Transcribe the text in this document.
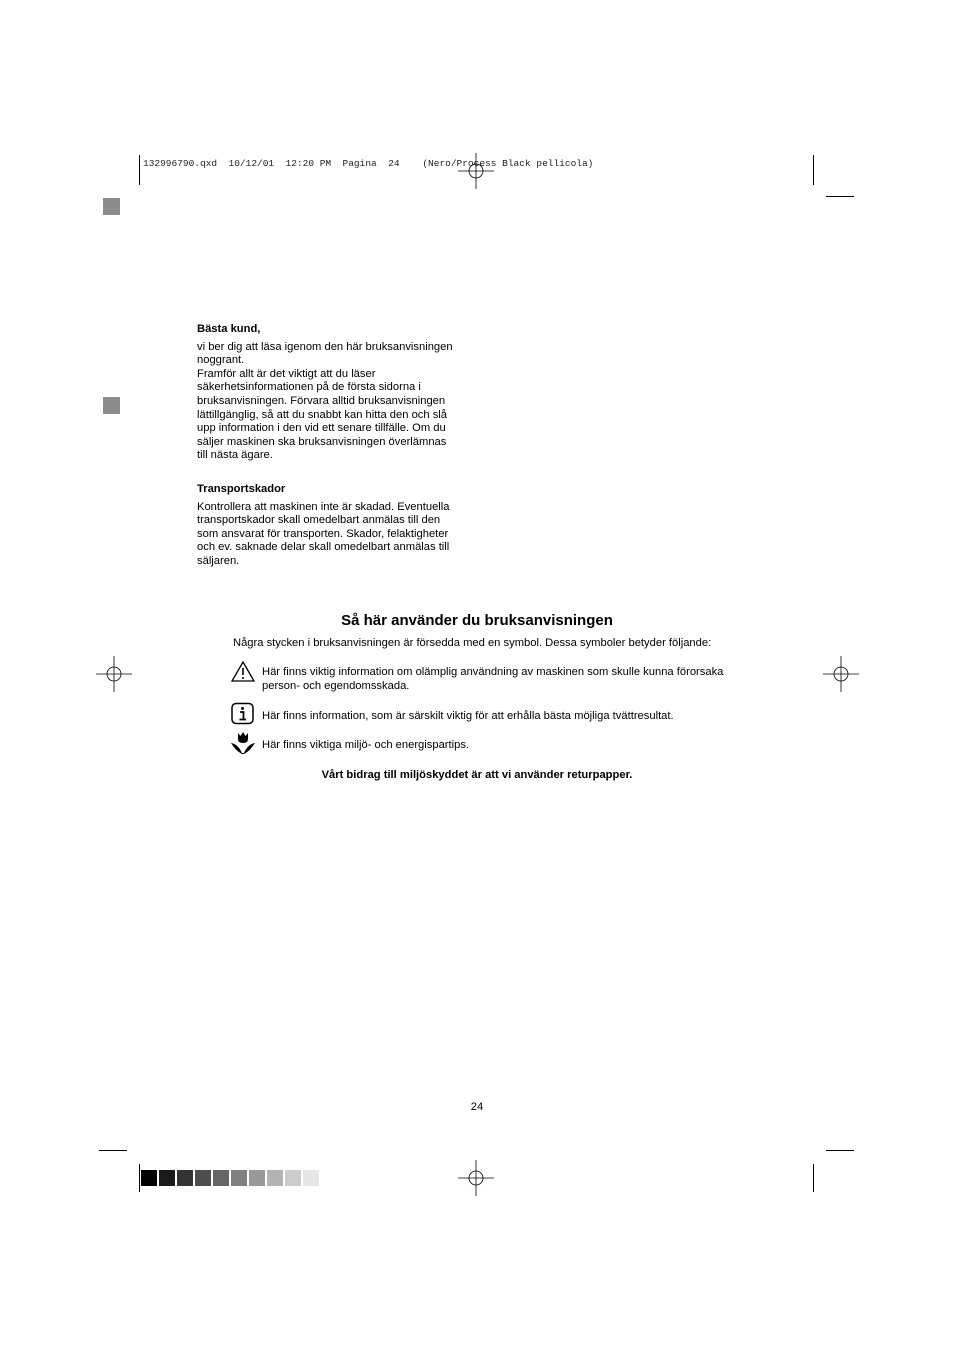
132996790.qxd  10/12/01  12:20 PM  Pagina  24    (Nero/Process Black pellicola)

Bästa kund,

vi ber dig att läsa igenom den här bruksanvisningen

noggrant.

Framför allt är det viktigt att du läser

säkerhetsinformationen på de första sidorna i

bruksanvisningen. Förvara alltid bruksanvisningen

lättillgänglig, så att du snabbt kan hitta den och slå

upp information i den vid ett senare tillfälle. Om du

säljer maskinen ska bruksanvisningen överlämnas

till nästa ägare.

Transportskador

Kontrollera att maskinen inte är skadad. Eventuella

transportskador skall omedelbart anmälas till den

som ansvarat för transporten. Skador, felaktigheter

och ev. saknade delar skall omedelbart anmälas till

säljaren.

Så här använder du bruksanvisningen
Några stycken i bruksanvisningen är försedda med en symbol. Dessa symboler betyder följande:
Här finns viktig information om olämplig användning av maskinen som skulle kunna förorsaka
person- och egendomsskada.
Här finns information, som är särskilt viktig för att erhålla bästa möjliga tvättresultat.
Här finns viktiga miljö- och energispartips.
Vårt bidrag till miljöskyddet är att vi använder returpapper.
24
